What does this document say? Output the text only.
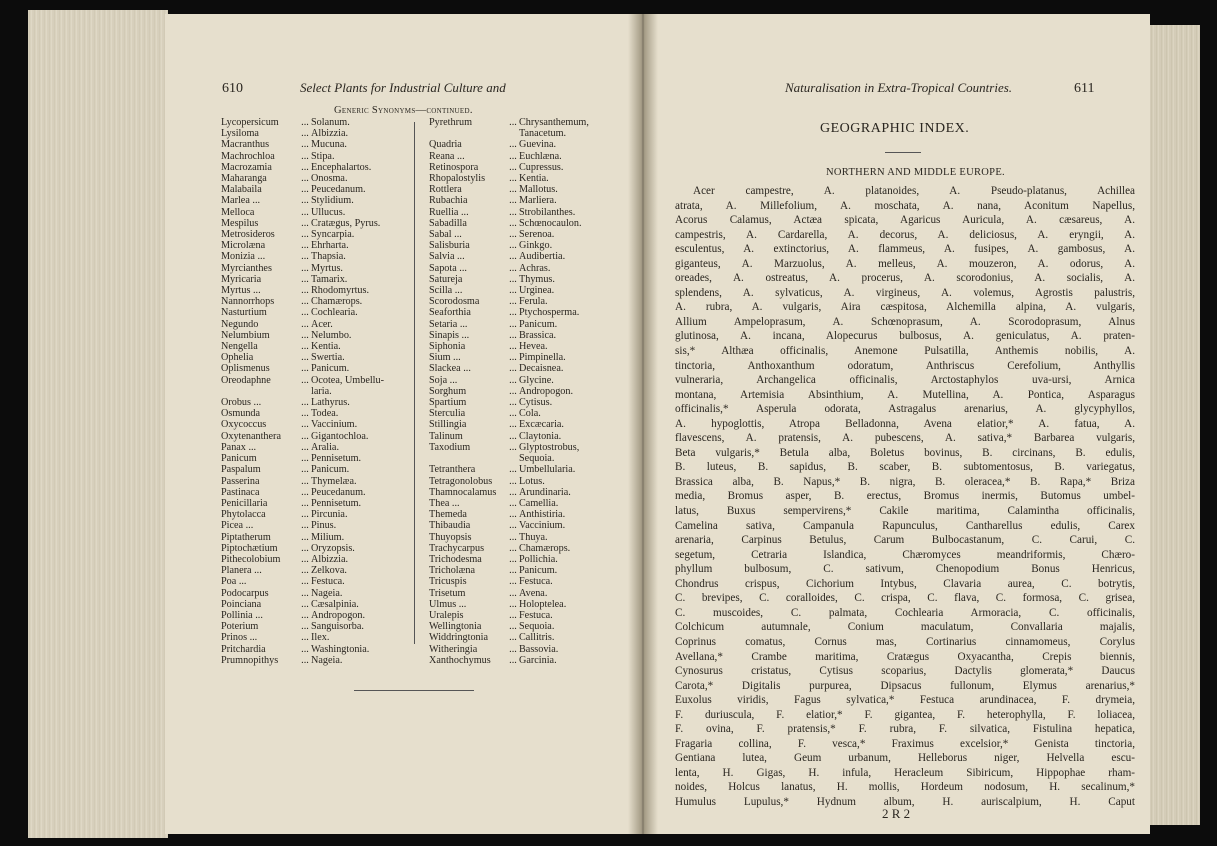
610	Select Plants for Industrial Culture and
Generic Synonyms—continued.
Lycopersicum	... Solanum.
Lysiloma	... Albizzia.
Macranthus	... Mucuna.
Machrochloa	... Stipa.
Macrozamia	... Encephalartos.
Maharanga	... Onosma.
Malabaila	... Peucedanum.
Marlea ...	... Stylidium.
Melloca	... Ullucus.
Mespilus	... Cratægus, Pyrus.
Metrosideros	... Syncarpia.
Microlæna	... Ehrharta.
Monizia ...	... Thapsia.
Myrcianthes	... Myrtus.
Myricaria	... Tamarix.
Myrtus ...	... Rhodomyrtus.
Nannorrhops	... Chamærops.
Nasturtium	... Cochlearia.
Negundo	... Acer.
Nelumbium	... Nelumbo.
Nengella	... Kentia.
Ophelia	... Swertia.
Oplismenus	... Panicum.
Oreodaphne	... Ocotea, Umbellu-
laria.
Orobus ...	... Lathyrus.
Osmunda	... Todea.
Oxycoccus	... Vaccinium.
Oxytenanthera	... Gigantochloa.
Panax ...	... Aralia.
Panicum	... Pennisetum.
Paspalum	... Panicum.
Passerina	... Thymelæa.
Pastinaca	... Peucedanum.
Penicillaria	... Pennisetum.
Phytolacca	... Pircunia.
Picea ...	... Pinus.
Piptatherum	... Milium.
Piptochætium	... Oryzopsis.
Pithecolobium	... Albizzia.
Planera ...	... Zelkova.
Poa ...	... Festuca.
Podocarpus	... Nageia.
Poinciana	... Cæsalpinia.
Pollinia ...	... Andropogon.
Poterium	... Sanguisorba.
Prinos ...	... Ilex.
Pritchardia	... Washingtonia.
Prumnopithys	... Nageia.
Pyrethrum	... Chrysanthemum,
Tanacetum.
Quadria	... Guevina.
Reana ...	... Euchlæna.
Retinospora	... Cupressus.
Rhopalostylis	... Kentia.
Rottlera	... Mallotus.
Rubachia	... Marliera.
Ruellia ...	... Strobilanthes.
Sabadilla	... Schœnocaulon.
Sabal ...	... Serenoa.
Salisburia	... Ginkgo.
Salvia ...	... Audibertia.
Sapota ...	... Achras.
Satureja	... Thymus.
Scilla ...	... Urginea.
Scorodosma	... Ferula.
Seaforthia	... Ptychosperma.
Setaria ...	... Panicum.
Sinapis ...	... Brassica.
Siphonia	... Hevea.
Sium ...	... Pimpinella.
Slackea ...	... Decaisnea.
Soja ...	... Glycine.
Sorghum	... Andropogon.
Spartium	... Cytisus.
Sterculia	... Cola.
Stillingia	... Excæcaria.
Talinum	... Claytonia.
Taxodium	... Glyptostrobus,
Sequoia.
Tetranthera	... Umbellularia.
Tetragonolobus	... Lotus.
Thamnocalamus	... Arundinaria.
Thea ...	... Camellia.
Themeda	... Anthistiria.
Thibaudia	... Vaccinium.
Thuyopsis	... Thuya.
Trachycarpus	... Chamærops.
Trichodesma	... Pollichia.
Tricholæna	... Panicum.
Tricuspis	... Festuca.
Trisetum	... Avena.
Ulmus ...	... Holoptelea.
Uralepis	... Festuca.
Wellingtonia	... Sequoia.
Widdringtonia	... Callitris.
Witheringia	... Bassovia.
Xanthochymus	... Garcinia.
Naturalisation in Extra-Tropical Countries.	611
GEOGRAPHIC INDEX.
NORTHERN AND MIDDLE EUROPE.
Acer campestre, A. platanoides, A. Pseudo-platanus, Achillea
atrata, A. Millefolium, A. moschata, A. nana, Aconitum Napellus,
Acorus Calamus, Actæa spicata, Agaricus Auricula, A. cæsareus, A.
campestris, A. Cardarella, A. decorus, A. deliciosus, A. eryngii, A.
esculentus, A. extinctorius, A. flammeus, A. fusipes, A. gambosus, A.
giganteus, A. Marzuolus, A. melleus, A. mouzeron, A. odorus, A.
oreades, A. ostreatus, A. procerus, A. scorodonius, A. socialis, A.
splendens, A. sylvaticus, A. virgineus, A. volemus, Agrostis palustris,
A. rubra, A. vulgaris, Aira cæspitosa, Alchemilla alpina, A. vulgaris,
Allium Ampeloprasum, A. Schœnoprasum, A. Scorodoprasum, Alnus
glutinosa, A. incana, Alopecurus bulbosus, A. geniculatus, A. praten-
sis,* Althæa officinalis, Anemone Pulsatilla, Anthemis nobilis, A.
tinctoria, Anthoxanthum odoratum, Anthriscus Cerefolium, Anthyllis
vulneraria, Archangelica officinalis, Arctostaphylos uva-ursi, Arnica
montana, Artemisia Absinthium, A. Mutellina, A. Pontica, Asparagus
officinalis,* Asperula odorata, Astragalus arenarius, A. glycyphyllos,
A. hypoglottis, Atropa Belladonna, Avena elatior,* A. fatua, A.
flavescens, A. pratensis, A. pubescens, A. sativa,* Barbarea vulgaris,
Beta vulgaris,* Betula alba, Boletus bovinus, B. circinans, B. edulis,
B. luteus, B. sapidus, B. scaber, B. subtomentosus, B. variegatus,
Brassica alba, B. Napus,* B. nigra, B. oleracea,* B. Rapa,* Briza
media, Bromus asper, B. erectus, Bromus inermis, Butomus umbel-
latus, Buxus sempervirens,* Cakile maritima, Calamintha officinalis,
Camelina sativa, Campanula Rapunculus, Cantharellus edulis, Carex
arenaria, Carpinus Betulus, Carum Bulbocastanum, C. Carui, C.
segetum, Cetraria Islandica, Chæromyces meandriformis, Chæro-
phyllum bulbosum, C. sativum, Chenopodium Bonus Henricus,
Chondrus crispus, Cichorium Intybus, Clavaria aurea, C. botrytis,
C. brevipes, C. coralloides, C. crispa, C. flava, C. formosa, C. grisea,
C. muscoides, C. palmata, Cochlearia Armoracia, C. officinalis,
Colchicum autumnale, Conium maculatum, Convallaria majalis,
Coprinus comatus, Cornus mas, Cortinarius cinnamomeus, Corylus
Avellana,* Crambe maritima, Cratægus Oxyacantha, Crepis biennis,
Cynosurus cristatus, Cytisus scoparius, Dactylis glomerata,* Daucus
Carota,* Digitalis purpurea, Dipsacus fullonum, Elymus arenarius,*
Euxolus viridis, Fagus sylvatica,* Festuca arundinacea, F. drymeia,
F. duriuscula, F. elatior,* F. gigantea, F. heterophylla, F. loliacea,
F. ovina, F. pratensis,* F. rubra, F. silvatica, Fistulina hepatica,
Fragaria collina, F. vesca,* Fraximus excelsior,* Genista tinctoria,
Gentiana lutea, Geum urbanum, Helleborus niger, Helvella escu-
lenta, H. Gigas, H. infula, Heracleum Sibiricum, Hippophae rham-
noides, Holcus lanatus, H. mollis, Hordeum nodosum, H. secalinum,*
Humulus Lupulus,* Hydnum album, H. auriscalpium, H. Caput
2 R 2
